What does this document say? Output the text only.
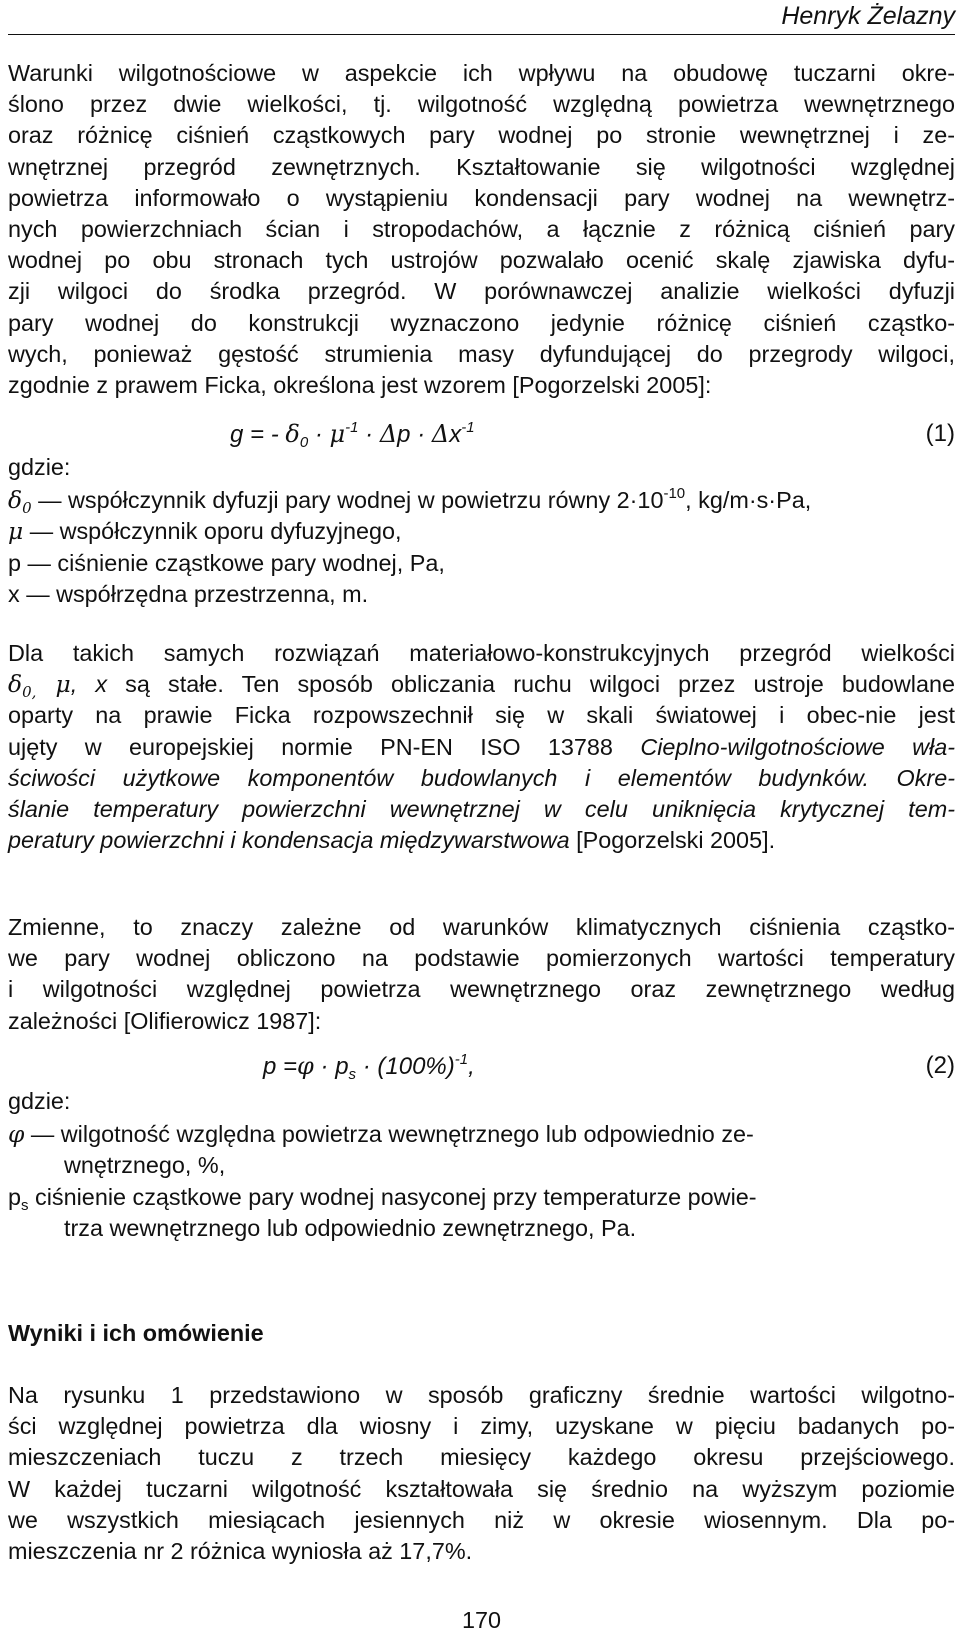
Henryk Żelazny
Warunki wilgotnościowe w aspekcie ich wpływu na obudowę tuczarni okre-
ślono przez dwie wielkości, tj. wilgotność względną powietrza wewnętrznego
oraz różnicę ciśnień cząstkowych pary wodnej po stronie wewnętrznej i ze-
wnętrznej przegród zewnętrznych. Kształtowanie się wilgotności względnej
powietrza informowało o wystąpieniu kondensacji pary wodnej na wewnętrz-
nych powierzchniach ścian i stropodachów, a łącznie z różnicą ciśnień pary
wodnej po obu stronach tych ustrojów pozwalało ocenić skalę zjawiska dyfu-
zji wilgoci do środka przegród. W porównawczej analizie wielkości dyfuzji
pary wodnej do konstrukcji wyznaczono jedynie różnicę ciśnień cząstko-
wych, ponieważ gęstość strumienia masy dyfundującej do przegrody wilgoci,
zgodnie z prawem Ficka, określona jest wzorem [Pogorzelski 2005]:
g = - $\delta_0 \cdot \mu^{-1} \cdot \Delta p \cdot \Delta x^{-1}$	(1)
gdzie:
$\delta_0$ — współczynnik dyfuzji pary wodnej w powietrzu równy $2\cdot 10^{-10}$, kg/m·s·Pa,
μ — współczynnik oporu dyfuzyjnego,
p — ciśnienie cząstkowe pary wodnej, Pa,
x — współrzędna przestrzenna, m.
Dla takich samych rozwiązań materiałowo-konstrukcyjnych przegród wielkości
$\delta_{0,}$ μ, x są stałe. Ten sposób obliczania ruchu wilgoci przez ustroje budowlane
oparty na prawie Ficka rozpowszechnił się w skali światowej i obec-nie jest
ujęty w europejskiej normie PN-EN ISO 13788 Cieplno-wilgotnościowe wła-
ściwości użytkowe komponentów budowlanych i elementów budynków. Okre-
ślanie temperatury powierzchni wewnętrznej w celu uniknięcia krytycznej tem-
peratury powierzchni i kondensacja międzywarstwowa [Pogorzelski 2005].
Zmienne, to znaczy zależne od warunków klimatycznych ciśnienia cząstko-
we pary wodnej obliczono na podstawie pomierzonych wartości temperatury
i wilgotności względnej powietrza wewnętrznego oraz zewnętrznego według
zależności [Olifierowicz 1987]:
$p =\varphi \cdot p_s \cdot (100\%)^{-1}$,	(2)
gdzie:
φ — wilgotność względna powietrza wewnętrznego lub odpowiednio ze-
wnętrznego, %,
$p_s$ ciśnienie cząstkowe pary wodnej nasyconej przy temperaturze powie-
trza wewnętrznego lub odpowiednio zewnętrznego, Pa.
Wyniki i ich omówienie
Na rysunku 1 przedstawiono w sposób graficzny średnie wartości wilgotno-
ści względnej powietrza dla wiosny i zimy, uzyskane w pięciu badanych po-
mieszczeniach tuczu z trzech miesięcy każdego okresu przejściowego.
W każdej tuczarni wilgotność kształtowała się średnio na wyższym poziomie
we wszystkich miesiącach jesiennych niż w okresie wiosennym. Dla po-
mieszczenia nr 2 różnica wyniosła aż 17,7%.
170
